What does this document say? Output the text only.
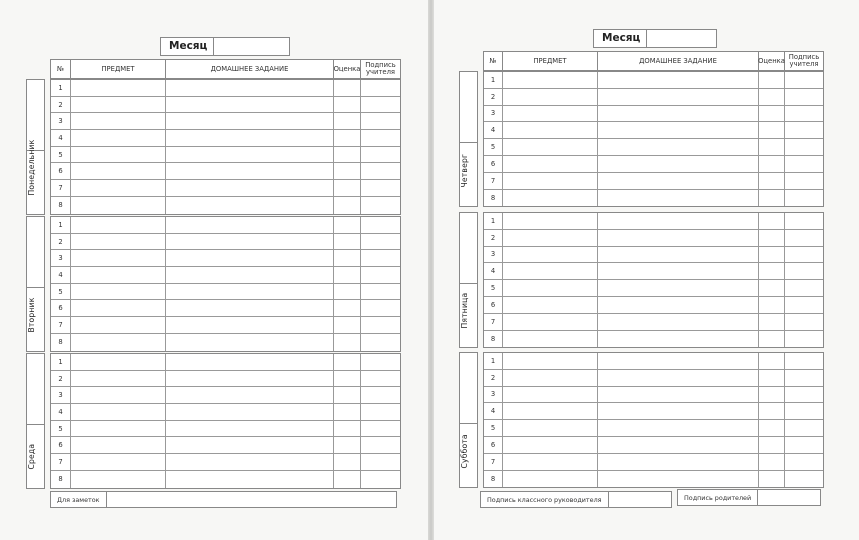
Месяц
№	ПРЕДМЕТ	ДОМАШНЕЕ ЗАДАНИЕ	Оценка Подпись
учителя
Понедельник
1
2
3
4
5
6
7
8
Вторник
1
2
3
4
5
6
7
8
Среда
1
2
3
4
5
6
7
8
Для заметок
Месяц
№	ПРЕДМЕТ	ДОМАШНЕЕ ЗАДАНИЕ	Оценка Подпись
учителя
Четверг
1
2
3
4
5
6
7
8
Пятница
1
2
3
4
5
6
7
8
Суббота
1
2
3
4
5
6
7
8
Подпись классного руководителя	Подпись родителей
